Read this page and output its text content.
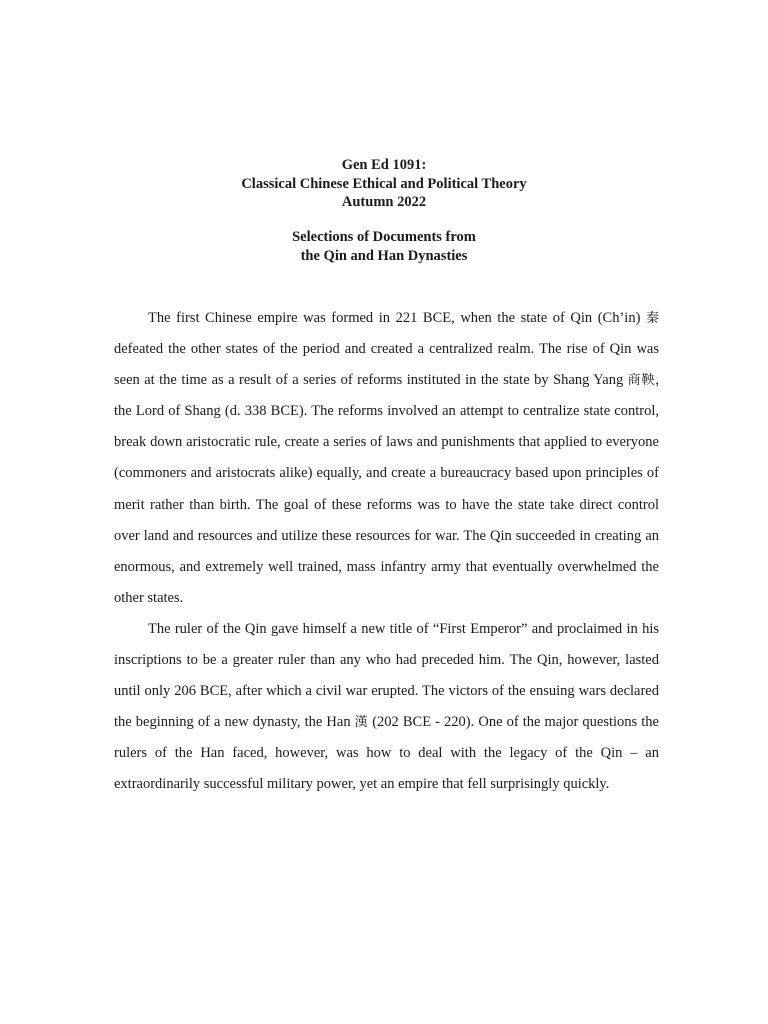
Gen Ed 1091:
Classical Chinese Ethical and Political Theory
Autumn 2022
Selections of Documents from
the Qin and Han Dynasties

The first Chinese empire was formed in 221 BCE, when the state of Qin (Ch’in) 秦 defeated the other states of the period and created a centralized realm. The rise of Qin was seen at the time as a result of a series of reforms instituted in the state by Shang Yang 商鞅, the Lord of Shang (d. 338 BCE). The reforms involved an attempt to centralize state control, break down aristocratic rule, create a series of laws and punishments that applied to everyone (commoners and aristocrats alike) equally, and create a bureaucracy based upon principles of merit rather than birth. The goal of these reforms was to have the state take direct control over land and resources and utilize these resources for war. The Qin succeeded in creating an enormous, and extremely well trained, mass infantry army that eventually overwhelmed the other states.

The ruler of the Qin gave himself a new title of “First Emperor” and proclaimed in his inscriptions to be a greater ruler than any who had preceded him. The Qin, however, lasted until only 206 BCE, after which a civil war erupted. The victors of the ensuing wars declared the beginning of a new dynasty, the Han 漢 (202 BCE - 220). One of the major questions the rulers of the Han faced, however, was how to deal with the legacy of the Qin – an extraordinarily successful military power, yet an empire that fell surprisingly quickly.
